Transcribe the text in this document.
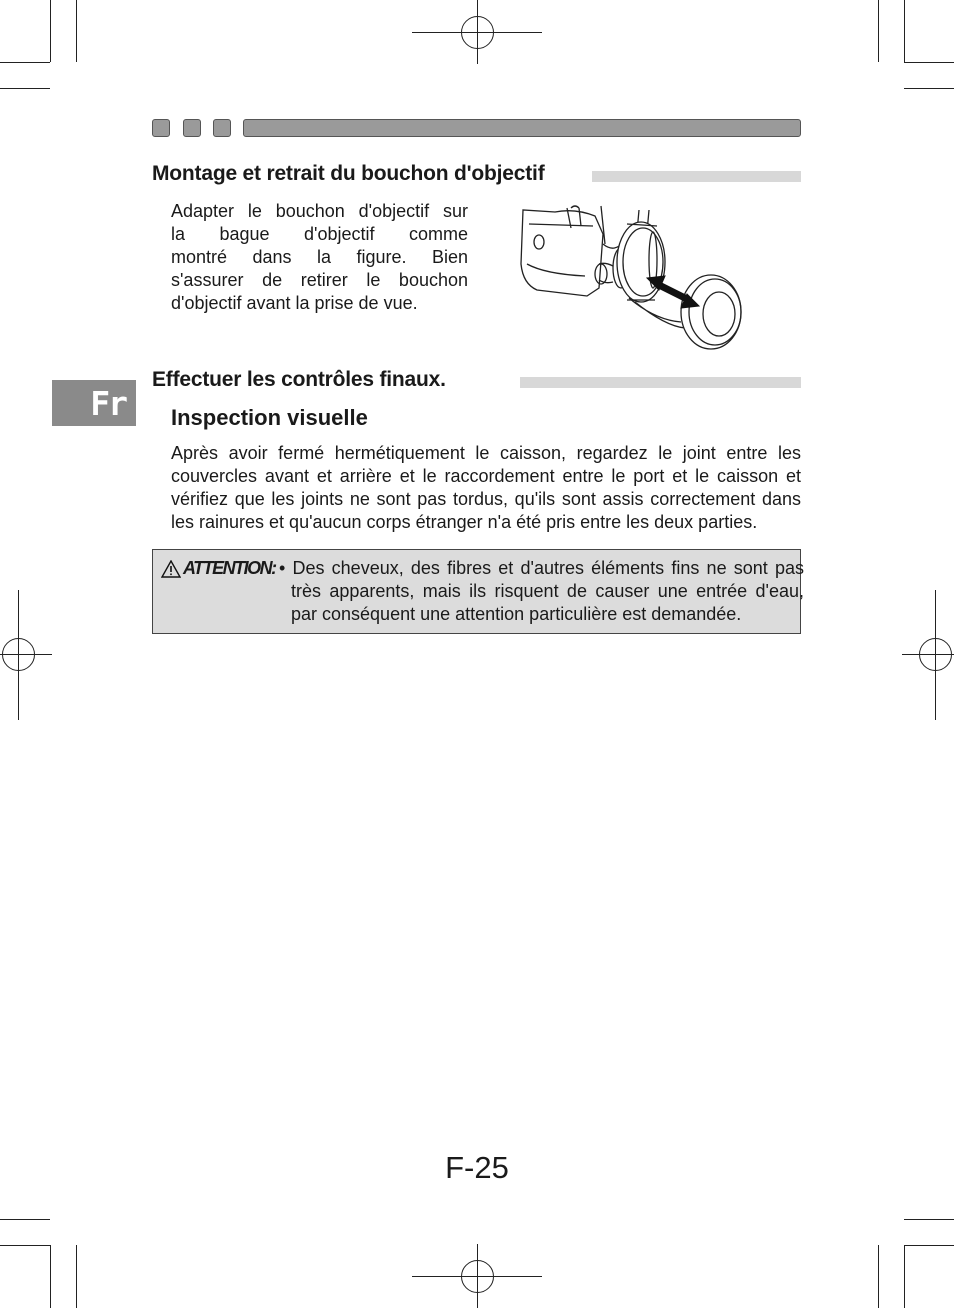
Montage et retrait du bouchon d'objectif
Adapter le bouchon d'objectif sur
la bague d'objectif comme
montré dans la figure. Bien
s'assurer de retirer le bouchon
d'objectif avant la prise de vue.
Fr
Effectuer les contrôles finaux.
Inspection visuelle
Après avoir fermé hermétiquement le caisson, regardez le joint entre les couvercles avant et arrière et le raccordement entre le port et le caisson et vérifiez que les joints ne sont pas tordus, qu'ils sont assis correctement dans les rainures et qu'aucun corps étranger n'a été pris entre les deux parties.
ATTENTION: • Des cheveux, des fibres et d'autres éléments fins ne sont pas très apparents, mais ils risquent de causer une entrée d'eau, par conséquent une attention particulière est demandée.
F-25
